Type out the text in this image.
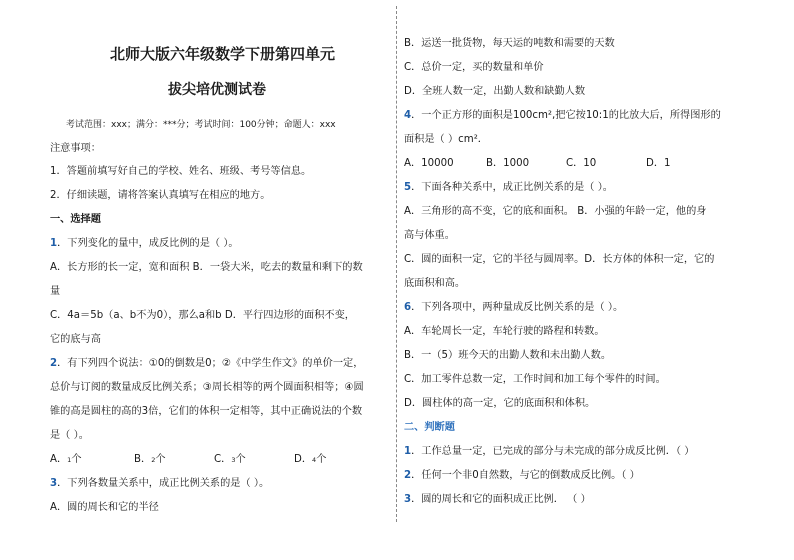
北师大版六年级数学下册第四单元
拔尖培优测试卷
考试范围：xxx；满分：***分；考试时间：100分钟；命题人：xxx
注意事项：
1．答题前填写好自己的学校、姓名、班级、考号等信息。
2．仔细读题，请将答案认真填写在相应的地方。
一、选择题
1．下列变化的量中，成反比例的是（ ）。
A．长方形的长一定，宽和面积 B．一袋大米，吃去的数量和剩下的数
量
C．4a＝5b（a、b不为0），那么a和b D．平行四边形的面积不变，
它的底与高
2．有下列四个说法：①0的倒数是0；②《中学生作文》的单价一定，
总价与订阅的数量成反比例关系；③周长相等的两个圆面积相等；④圆
锥的高是圆柱的高的3倍，它们的体积一定相等，其中正确说法的个数
是（ ）。
A．1个	B．2个	C．3个	D．4个
3．下列各数量关系中，成正比例关系的是（ ）。
A．圆的周长和它的半径
B．运送一批货物，每天运的吨数和需要的天数
C．总价一定，买的数量和单价
D．全班人数一定，出勤人数和缺勤人数
4．一个正方形的面积是100cm²,把它按10:1的比放大后，所得图形的
面积是（ ）cm²．
A．10000	B．1000	C．10	D．1
5．下面各种关系中，成正比例关系的是（ ）。
A．三角形的高不变，它的底和面积。 B．小强的年龄一定，他的身
高与体重。
C．圆的面积一定，它的半径与圆周率。D．长方体的体积一定，它的
底面积和高。
6．下列各项中，两种量成反比例关系的是（ ）。
A．车轮周长一定，车轮行驶的路程和转数。
B．一（5）班今天的出勤人数和未出勤人数。
C．加工零件总数一定，工作时间和加工每个零件的时间。
D．圆柱体的高一定，它的底面积和体积。
二、判断题
1．工作总量一定，已完成的部分与未完成的部分成反比例．（ ）
2．任何一个非0自然数，与它的倒数成反比例。（ ）
3．圆的周长和它的面积成正比例． （ ）
